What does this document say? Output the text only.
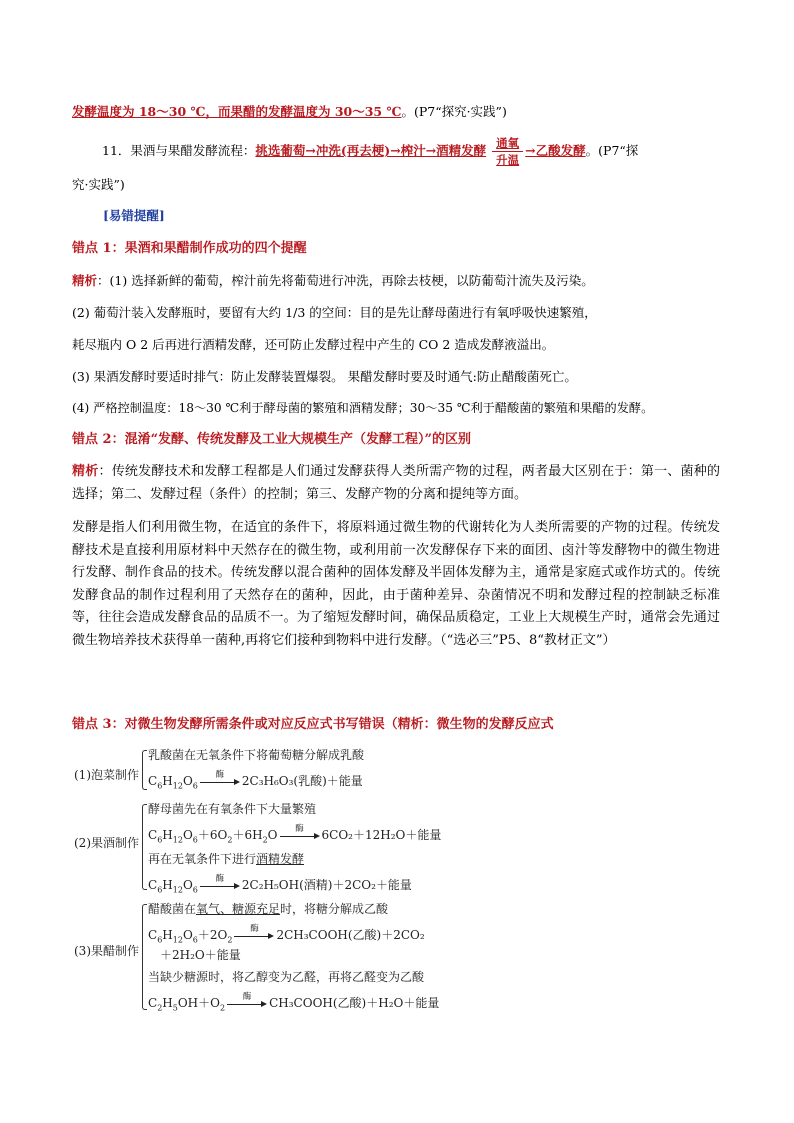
发酵温度为 18～30 ℃，而果醋的发酵温度为 30～35 ℃。(P7“探究·实践”)
11．果酒与果醋发酵流程：挑选葡萄→冲洗(再去梗)→榨汁→酒精发酵 $\frac{\text{通氧}}{\text{升温}}$ →乙酸发酵。(P7“探
究·实践”)
[易错提醒]
错点 1：果酒和果醋制作成功的四个提醒
精析：(1) 选择新鲜的葡萄，榨汁前先将葡萄进行冲洗，再除去枝梗，以防葡萄汁流失及污染。
(2) 葡萄汁装入发酵瓶时，要留有大约 1/3 的空间：目的是先让酵母菌进行有氧呼吸快速繁殖，
耗尽瓶内 O 2 后再进行酒精发酵，还可防止发酵过程中产生的 CO 2 造成发酵液溢出。
(3) 果酒发酵时要适时排气：防止发酵装置爆裂。 果醋发酵时要及时通气:防止醋酸菌死亡。
(4) 严格控制温度：18～30 ℃利于酵母菌的繁殖和酒精发酵；30～35 ℃利于醋酸菌的繁殖和果醋的发酵。
错点 2：混淆“发酵、传统发酵及工业大规模生产（发酵工程）”的区别
精析：传统发酵技术和发酵工程都是人们通过发酵获得人类所需产物的过程，两者最大区别在于：第一、菌种的选择；第二、发酵过程（条件）的控制；第三、发酵产物的分离和提纯等方面。
发酵是指人们利用微生物，在适宜的条件下，将原料通过微生物的代谢转化为人类所需要的产物的过程。传统发酵技术是直接利用原材料中天然存在的微生物，或利用前一次发酵保存下来的面团、卤汁等发酵物中的微生物进行发酵、制作食品的技术。传统发酵以混合菌种的固体发酵及半固体发酵为主，通常是家庭式或作坊式的。传统发酵食品的制作过程利用了天然存在的菌种，因此，由于菌种差异、杂菌情况不明和发酵过程的控制缺乏标准等，往往会造成发酵食品的品质不一。为了缩短发酵时间，确保品质稳定，工业上大规模生产时，通常会先通过微生物培养技术获得单一菌种,再将它们接种到物料中进行发酵。（“选必三”P5、8“教材正文”）
错点 3：对微生物发酵所需条件或对应反应式书写错误（精析：微生物的发酵反应式
(1)泡菜制作
乳酸菌在无氧条件下将葡萄糖分解成乳酸
$C_6H_{12}O_6$
酶	2C₃H₆O₃(乳酸)＋能量
(2)果酒制作
酵母菌先在有氧条件下大量繁殖
$C_6H_{12}O_6+6O_2+6H_2O$	酶	6CO₂＋12H₂O＋能量
再在无氧条件下进行酒精发酵
$C_6H_{12}O_6$
酶	2C₂H₅OH(酒精)＋2CO₂＋能量
(3)果醋制作
醋酸菌在氧气、糖源充足时，将糖分解成乙酸
$C_6H_{12}O_6+2O_2$
酶	2CH₃COOH(乙酸)＋2CO₂
＋2H₂O＋能量
当缺少糖源时，将乙醇变为乙醛，再将乙醛变为乙酸
$C_2H_5OH+O_2$
酶	CH₃COOH(乙酸)＋H₂O＋能量
